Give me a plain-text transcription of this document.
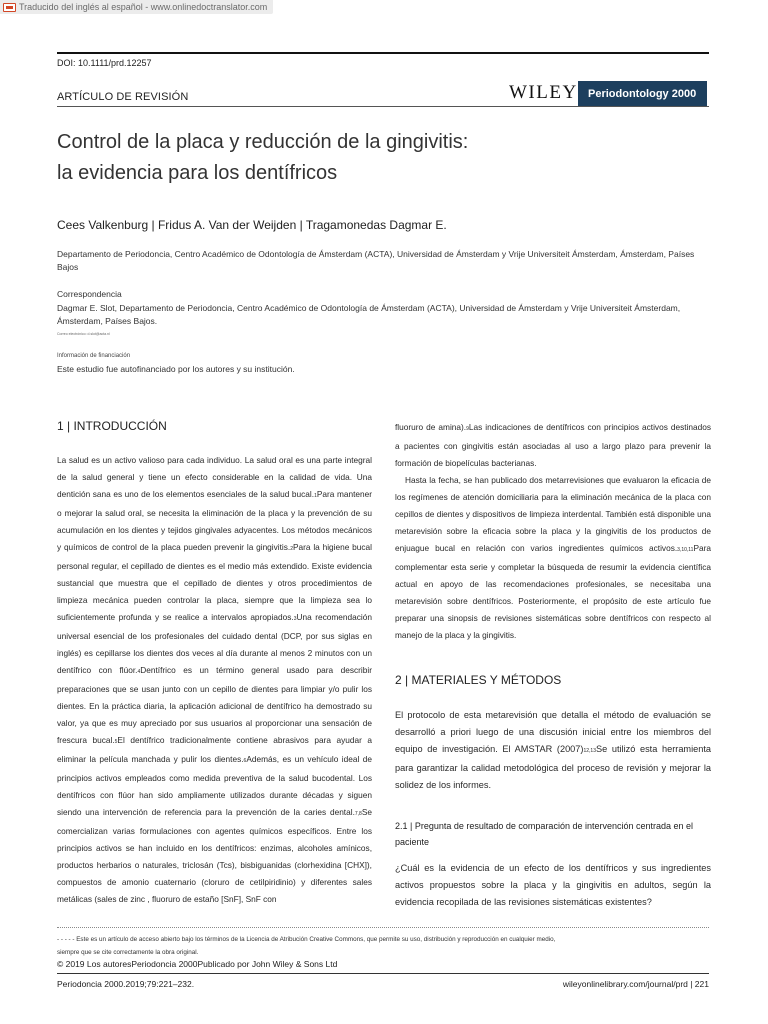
Traducido del inglés al español - www.onlinedoctranslator.com
DOI: 10.1111/prd.12257
ARTÍCULO DE REVISIÓN	WILEY Periodontology 2000
Control de la placa y reducción de la gingivitis:
la evidencia para los dentífricos
Cees Valkenburg | Fridus A. Van der Weijden | Tragamonedas Dagmar E.
Departamento de Periodoncia, Centro Académico de Odontología de Ámsterdam (ACTA), Universidad de Ámsterdam y Vrije Universiteit Ámsterdam, Ámsterdam, Países Bajos
Correspondencia
Dagmar E. Slot, Departamento de Periodoncia, Centro Académico de Odontología de Ámsterdam (ACTA), Universidad de Ámsterdam y Vrije Universiteit Ámsterdam, Ámsterdam, Países Bajos.
Correo electrónico: d.slot@acta.nl
Información de financiación
Este estudio fue autofinanciado por los autores y su institución.
1 | INTRODUCCIÓN

La salud es un activo valioso para cada individuo. La salud oral es una parte integral de la salud general y tiene un efecto considerable en la calidad de vida. Una dentición sana es uno de los elementos esenciales de la salud bucal.1Para mantener o mejorar la salud oral, se necesita la eliminación de la placa y la prevención de su acumulación en los dientes y tejidos gingivales adyacentes. Los métodos mecánicos y químicos de control de la placa pueden prevenir la gingivitis.2Para la higiene bucal personal regular, el cepillado de dientes es el medio más extendido. Existe evidencia sustancial que muestra que el cepillado de dientes y otros procedimientos de limpieza mecánica pueden controlar la placa, siempre que la limpieza sea lo suficientemente profunda y se realice a intervalos apropiados.3Una recomendación universal esencial de los profesionales del cuidado dental (DCP, por sus siglas en inglés) es cepillarse los dientes dos veces al día durante al menos 2 minutos con un dentífrico con flúor.4Dentífrico es un término general usado para describir preparaciones que se usan junto con un cepillo de dientes para limpiar y/o pulir los dientes. En la práctica diaria, la aplicación adicional de dentífrico ha demostrado su valor, ya que es muy apreciado por sus usuarios al proporcionar una sensación de frescura bucal.5El dentífrico tradicionalmente contiene abrasivos para ayudar a eliminar la película manchada y pulir los dientes.6Además, es un vehículo ideal de principios activos empleados como medida preventiva de la salud bucodental. Los dentífricos con flúor han sido ampliamente utilizados durante décadas y siguen siendo una intervención de referencia para la prevención de la caries dental.7,8Se comercializan varias formulaciones con agentes químicos específicos. Entre los principios activos se han incluido en los dentífricos: enzimas, alcoholes amínicos, productos herbarios o naturales, triclosán (Tcs), bisbiguanidas (clorhexidina [CHX]), compuestos de amonio cuaternario (cloruro de cetilpiridinio) y diferentes sales metálicas (sales de zinc , fluoruro de estaño [SnF], SnF con

fluoruro de amina).9Las indicaciones de dentífricos con principios activos destinados a pacientes con gingivitis están asociadas al uso a largo plazo para prevenir la formación de biopelículas bacterianas.

Hasta la fecha, se han publicado dos metarrevisiones que evaluaron la eficacia de los regímenes de atención domiciliaria para la eliminación mecánica de la placa con cepillos de dientes y dispositivos de limpieza interdental. También está disponible una metarevisión sobre la eficacia sobre la placa y la gingivitis de los productos de enjuague bucal en relación con varios ingredientes químicos activos.3,10,11Para complementar esta serie y completar la búsqueda de resumir la evidencia científica actual en apoyo de las recomendaciones profesionales, se necesitaba una metarevisión sobre dentífricos. Posteriormente, el propósito de este artículo fue preparar una sinopsis de revisiones sistemáticas sobre dentífricos con respecto al manejo de la placa y la gingivitis.

2 | MATERIALES Y MÉTODOS

El protocolo de esta metarevisión que detalla el método de evaluación se desarrolló a priori luego de una discusión inicial entre los miembros del equipo de investigación. El AMSTAR (2007)12,13Se utilizó esta herramienta para garantizar la calidad metodológica del proceso de revisión y mejorar la solidez de los informes.

2.1 | Pregunta de resultado de comparación de intervención centrada en el paciente

¿Cuál es la evidencia de un efecto de los dentífricos y sus ingredientes activos propuestos sobre la placa y la gingivitis en adultos, según la evidencia recopilada de las revisiones sistemáticas existentes?

- - - - - Este es un artículo de acceso abierto bajo los términos de la Licencia de Atribución Creative Commons, que permite su uso, distribución y reproducción en cualquier medio,
siempre que se cite correctamente la obra original.
© 2019 Los autoresPeriodoncia 2000Publicado por John Wiley & Sons Ltd
Periodoncia 2000.2019;79:221–232.	wileyonlinelibrary.com/journal/prd | 221
